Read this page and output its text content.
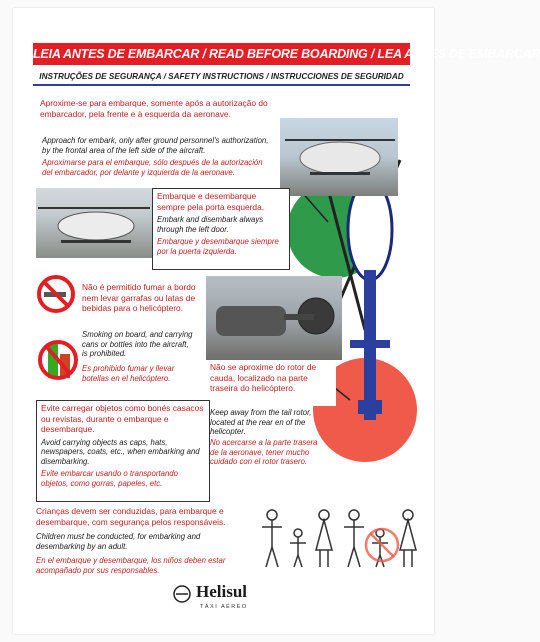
LEIA ANTES DE EMBARCAR / READ BEFORE BOARDING / LEA ANTES DE EMBARCAR
INSTRUÇÕES DE SEGURANÇA / SAFETY INSTRUCTIONS / INSTRUCCIONES DE SEGURIDAD
Aproxime-se para embarque, somente após a autorização do embarcador, pela frente e à esquerda da aeronave.
Approach for embark, only after ground personnel's authorization, by the frontal area of the left side of the aircraft.
Aproximarse para el embarque, sólo después de la autorización del embarcador, por delante y izquierda de la aeronave.
Embarque e desembarque sempre pela porta esquerda.
Embark and disembark always through the left door.
Embarque y desembarque siempre por la puerta izquierda.
Não é permitido fumar a bordo nem levar garrafas ou latas de bebidas para o helicóptero.
Smoking on board, and carrying cans or bottles into the aircraft, is prohibited.
Es prohibido fumar y llevar botellas en el helicóptero.
Não se aproxime do rotor de cauda, localizado na parte traseira do helicóptero.
Keep away from the tail rotor, located at the rear en of the helicopter.
No acercarse a la parte trasera de la aeronave, tener mucho cuidado con el rotor trasero.
Evite carregar objetos como bonés casacos ou revistas, durante o embarque e desembarque.
Avoid carrying objects as caps, hats, newspapers, coats, etc., when embarking and disembarking.
Evite embarcar usando o transportando objetos, como gorras, papeles, etc.
Crianças devem ser conduzidas, para embarque e desembarque, com segurança pelos responsáveis.
Children must be conducted, for embarking and desembarking by an adult.
En el embarque y desembarque, los niños deben estar acompañado por sus responsables.
Helisul
TÁXI AÉREO
